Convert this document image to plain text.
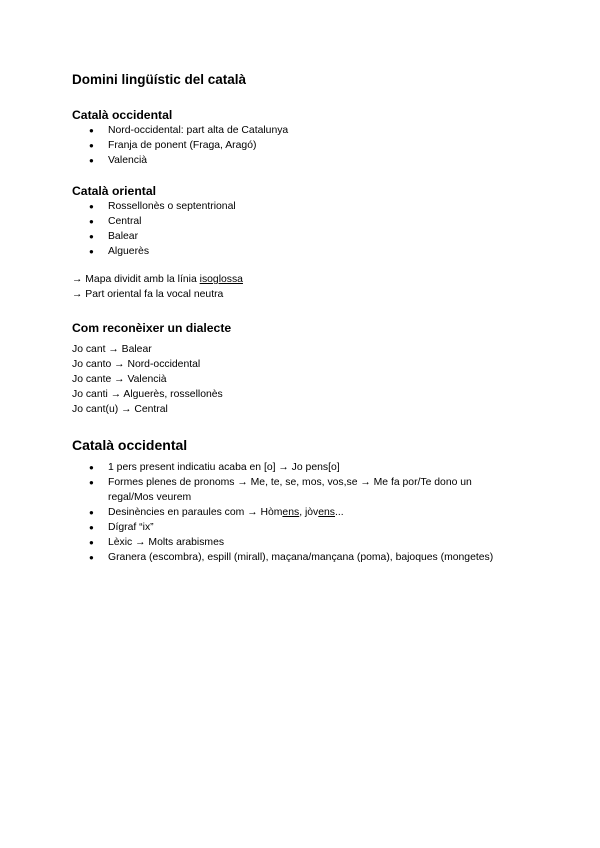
Domini lingüístic del català
Català occidental
● Nord-occidental: part alta de Catalunya
● Franja de ponent (Fraga, Aragó)
● Valencià
Català oriental
● Rossellonès o septentrional
● Central
● Balear
● Alguerès

→ Mapa dividit amb la línia isoglossa

→ Part oriental fa la vocal neutra

Com reconèixer un dialecte

Jo cant → Balear

Jo canto → Nord-occidental

Jo cante → Valencià

Jo canti → Alguerès, rossellonès

Jo cant(u) → Central

Català occidental
● 1 pers present indicatiu acaba en [o] → Jo pens[o]
● Formes plenes de pronoms → Me, te, se, mos, vos,se → Me fa por/Te dono un regal/Mos veurem
● Desinències en paraules com → Hòmens, jòvens...
● Dígraf “ix”
● Lèxic → Molts arabismes
● Granera (escombra), espill (mirall), maçana/mançana (poma), bajoques (mongetes)
